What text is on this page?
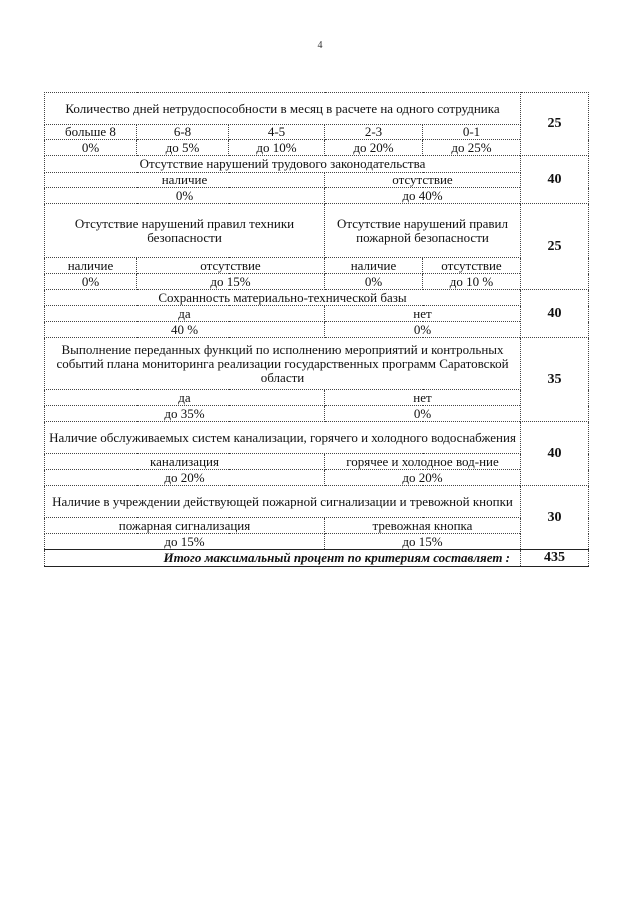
4
Количество дней нетрудоспособности в месяц в расчете на одного сотрудника					25
больше 8	6-8	4-5	2-3	0-1	
0%	до 5%	до 10%	до 20%	до 25%	
Отсутствие нарушений трудового законодательства					40
наличие			отсутствие		
0%			до 40%		
Отсутствие нарушений правил техники безопасности			Отсутствие нарушений правил пожарной безопасности		25
наличие	отсутствие		наличие	отсутствие	
0%	до 15%		0%	до 10 %	
Сохранность материально-технической базы					40
да			нет		
40 %			0%		
Выполнение переданных функций по исполнению мероприятий и контрольных событий плана мониторинга реализации государственных программ Саратовской области					35
да			нет		
до 35%			0%		
Наличие обслуживаемых систем канализации, горячего и холодного водоснабжения					40
канализация			горячее и холодное вод-ние		
до 20%			до 20%		
Наличие в учреждении действующей пожарной сигнализации и тревожной кнопки					30
пожарная сигнализация			тревожная кнопка		
до 15%			до 15%		
Итого максимальный процент по критериям составляет :					435
